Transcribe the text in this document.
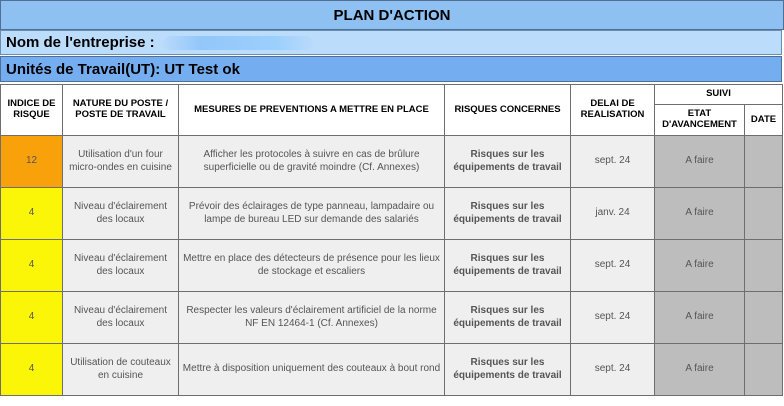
PLAN D'ACTION
Nom de l'entreprise :
Unités de Travail(UT): UT Test ok
INDICE DE RISQUE	NATURE DU POSTE / POSTE DE TRAVAIL	MESURES DE PREVENTIONS A METTRE EN PLACE	RISQUES CONCERNES	DELAI DE REALISATION	SUIVI	
					ETAT D'AVANCEMENT	DATE
12	Utilisation d'un four micro-ondes en cuisine	Afficher les protocoles à suivre en cas de brûlure superficielle ou de gravité moindre (Cf. Annexes)	Risques sur les équipements de travail	sept. 24	A faire	
4	Niveau d'éclairement des locaux	Prévoir des éclairages de type panneau, lampadaire ou lampe de bureau LED sur demande des salariés	Risques sur les équipements de travail	janv. 24	A faire	
4	Niveau d'éclairement des locaux	Mettre en place des détecteurs de présence pour les lieux de stockage et escaliers	Risques sur les équipements de travail	sept. 24	A faire	
4	Niveau d'éclairement des locaux	Respecter les valeurs d'éclairement artificiel de la norme NF EN 12464-1 (Cf. Annexes)	Risques sur les équipements de travail	sept. 24	A faire	
4	Utilisation de couteaux en cuisine	Mettre à disposition uniquement des couteaux à bout rond	Risques sur les équipements de travail	sept. 24	A faire	
